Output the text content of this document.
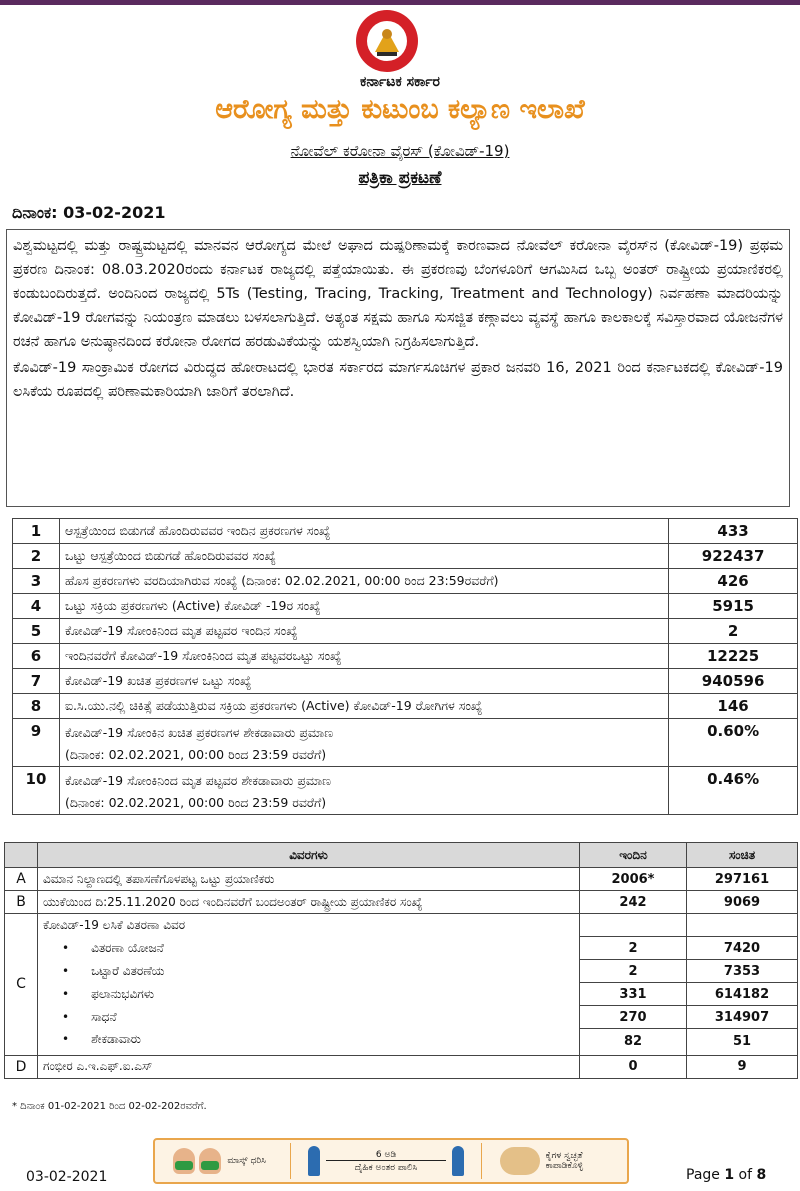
ಕರ್ನಾಟಕ ಸರ್ಕಾರ
ಆರೋಗ್ಯ ಮತ್ತು ಕುಟುಂಬ ಕಲ್ಯಾಣ ಇಲಾಖೆ
ನೋವೆಲ್ ಕರೋನಾ ವೈರಸ್ (ಕೋವಿಡ್-19)
ಪತ್ರಿಕಾ ಪ್ರಕಟಣೆ
ದಿನಾಂಕ: 03-02-2021

ವಿಶ್ವಮಟ್ಟದಲ್ಲಿ ಮತ್ತು ರಾಷ್ಟ್ರಮಟ್ಟದಲ್ಲಿ ಮಾನವನ ಆರೋಗ್ಯದ ಮೇಲೆ ಅಘಾದ ದುಷ್ಪರಿಣಾಮಕ್ಕೆ ಕಾರಣವಾದ ನೋವೆಲ್ ಕರೋನಾ ವೈರಸ್‌ನ (ಕೋವಿಡ್-19) ಪ್ರಥಮ ಪ್ರಕರಣ ದಿನಾಂಕ: 08.03.2020ರಂದು ಕರ್ನಾಟಕ ರಾಜ್ಯದಲ್ಲಿ ಪತ್ತೆಯಾಯಿತು. ಈ ಪ್ರಕರಣವು ಬೆಂಗಳೂರಿಗೆ ಆಗಮಿಸಿದ ಒಬ್ಬ ಅಂತರ್ ರಾಷ್ಟ್ರೀಯ ಪ್ರಯಾಣಿಕರಲ್ಲಿ ಕಂಡುಬಂದಿರುತ್ತದೆ. ಅಂದಿನಿಂದ ರಾಜ್ಯದಲ್ಲಿ 5Ts (Testing, Tracing, Tracking, Treatment and Technology) ನಿರ್ವಹಣಾ ಮಾದರಿಯನ್ನು ಕೋವಿಡ್-19 ರೋಗವನ್ನು ನಿಯಂತ್ರಣ ಮಾಡಲು ಬಳಸಲಾಗುತ್ತಿದೆ. ಅತ್ಯಂತ ಸಕ್ಷಮ ಹಾಗೂ ಸುಸಜ್ಜಿತ ಕಣ್ಗಾವಲು ವ್ಯವಸ್ಥೆ ಹಾಗೂ ಕಾಲಕಾಲಕ್ಕೆ ಸವಿಸ್ತಾರವಾದ ಯೋಜನೆಗಳ ರಚನೆ ಹಾಗೂ ಅನುಷ್ಠಾನದಿಂದ ಕರೋನಾ ರೋಗದ ಹರಡುವಿಕೆಯನ್ನು ಯಶಸ್ವಿಯಾಗಿ ನಿಗ್ರಹಿಸಲಾಗುತ್ತಿದೆ.

ಕೊವಿಡ್-19 ಸಾಂಕ್ರಾಮಿಕ ರೋಗದ ವಿರುದ್ಧದ ಹೋರಾಟದಲ್ಲಿ ಭಾರತ ಸರ್ಕಾರದ ಮಾರ್ಗಸೂಚಿಗಳ ಪ್ರಕಾರ ಜನವರಿ 16, 2021 ರಿಂದ ಕರ್ನಾಟಕದಲ್ಲಿ ಕೋವಿಡ್-19 ಲಸಿಕೆಯ ರೂಪದಲ್ಲಿ ಪರಿಣಾಮಕಾರಿಯಾಗಿ ಜಾರಿಗೆ ತರಲಾಗಿದೆ.

1	ಆಸ್ಪತ್ರೆಯಿಂದ ಬಿಡುಗಡೆ ಹೊಂದಿರುವವರ ಇಂದಿನ ಪ್ರಕರಣಗಳ ಸಂಖ್ಯೆ	433
2	ಒಟ್ಟು ಆಸ್ಪತ್ರೆಯಿಂದ ಬಿಡುಗಡೆ ಹೊಂದಿರುವವರ ಸಂಖ್ಯೆ	922437
3	ಹೊಸ ಪ್ರಕರಣಗಳು ವರದಿಯಾಗಿರುವ ಸಂಖ್ಯೆ (ದಿನಾಂಕ: 02.02.2021, 00:00 ರಿಂದ 23:59ರವರೆಗೆ)	426
4	ಒಟ್ಟು ಸಕ್ರಿಯ ಪ್ರಕರಣಗಳು (Active) ಕೋವಿಡ್ -19ರ ಸಂಖ್ಯೆ	5915
5	ಕೋವಿಡ್-19 ಸೋಂಕಿನಿಂದ ಮೃತ ಪಟ್ಟವರ ಇಂದಿನ ಸಂಖ್ಯೆ	2
6	ಇಂದಿನವರೆಗೆ ಕೋವಿಡ್-19 ಸೋಂಕಿನಿಂದ ಮೃತ ಪಟ್ಟವರಒಟ್ಟು ಸಂಖ್ಯೆ	12225
7	ಕೋವಿಡ್-19 ಖಚಿತ ಪ್ರಕರಣಗಳ ಒಟ್ಟು ಸಂಖ್ಯೆ	940596
8	ಐ.ಸಿ.ಯು.ನಲ್ಲಿ ಚಿಕಿತ್ಸೆ ಪಡೆಯುತ್ತಿರುವ ಸಕ್ರಿಯ ಪ್ರಕರಣಗಳು (Active) ಕೋವಿಡ್-19 ರೋಗಿಗಳ ಸಂಖ್ಯೆ	146
9	ಕೋವಿಡ್-19 ಸೋಂಕಿನ ಖಚಿತ ಪ್ರಕರಣಗಳ ಶೇಕಡಾವಾರು ಪ್ರಮಾಣ
(ದಿನಾಂಕ: 02.02.2021, 00:00 ರಿಂದ 23:59 ರವರೆಗೆ)	0.60%
10	ಕೋವಿಡ್-19 ಸೋಂಕಿನಿಂದ ಮೃತ ಪಟ್ಟವರ ಶೇಕಡಾವಾರು ಪ್ರಮಾಣ
(ದಿನಾಂಕ: 02.02.2021, 00:00 ರಿಂದ 23:59 ರವರೆಗೆ)	0.46%
	ವಿವರಗಳು	ಇಂದಿನ	ಸಂಚಿತ
A	ವಿಮಾನ ನಿಲ್ದಾಣದಲ್ಲಿ ತಪಾಸಣೆಗೊಳಪಟ್ಟ ಒಟ್ಟು ಪ್ರಯಾಣಿಕರು	2006*	297161
B	ಯುಕೆಯಿಂದ ದಿ:25.11.2020 ರಿಂದ ಇಂದಿನವರೆಗೆ ಬಂದಅಂತರ್ ರಾಷ್ಟ್ರೀಯ ಪ್ರಯಾಣಿಕರ ಸಂಖ್ಯೆ	242	9069
C	ಕೋವಿಡ್-19 ಲಸಿಕೆ ವಿತರಣಾ ವಿವರ		
	• ವಿತರಣಾ ಯೋಜನೆ	2	7420
	• ಒಟ್ಟಾರೆ ವಿತರಣೆಯ	2	7353
	• ಫಲಾನುಭವಿಗಳು	331	614182
	• ಸಾಧನೆ	270	314907
	• ಶೇಕಡಾವಾರು	82	51

D	ಗಂಭೀರ ಎ.ಇ.ಎಫ್.ಐ.ಎಸ್	0	9
* ದಿನಾಂಕ 01-02-2021 ರಿಂದ 02-02-202ರವರೆಗೆ.
ಮಾಸ್ಕ್ ಧರಿಸಿ
6 ಅಡಿ
ದೈಹಿಕ ಅಂತರ ಪಾಲಿಸಿ
ಕೈಗಳ ಸ್ವಚ್ಛತೆ ಕಾಪಾಡಿಕೊಳ್ಳಿ
03-02-2021	Page 1 of 8
